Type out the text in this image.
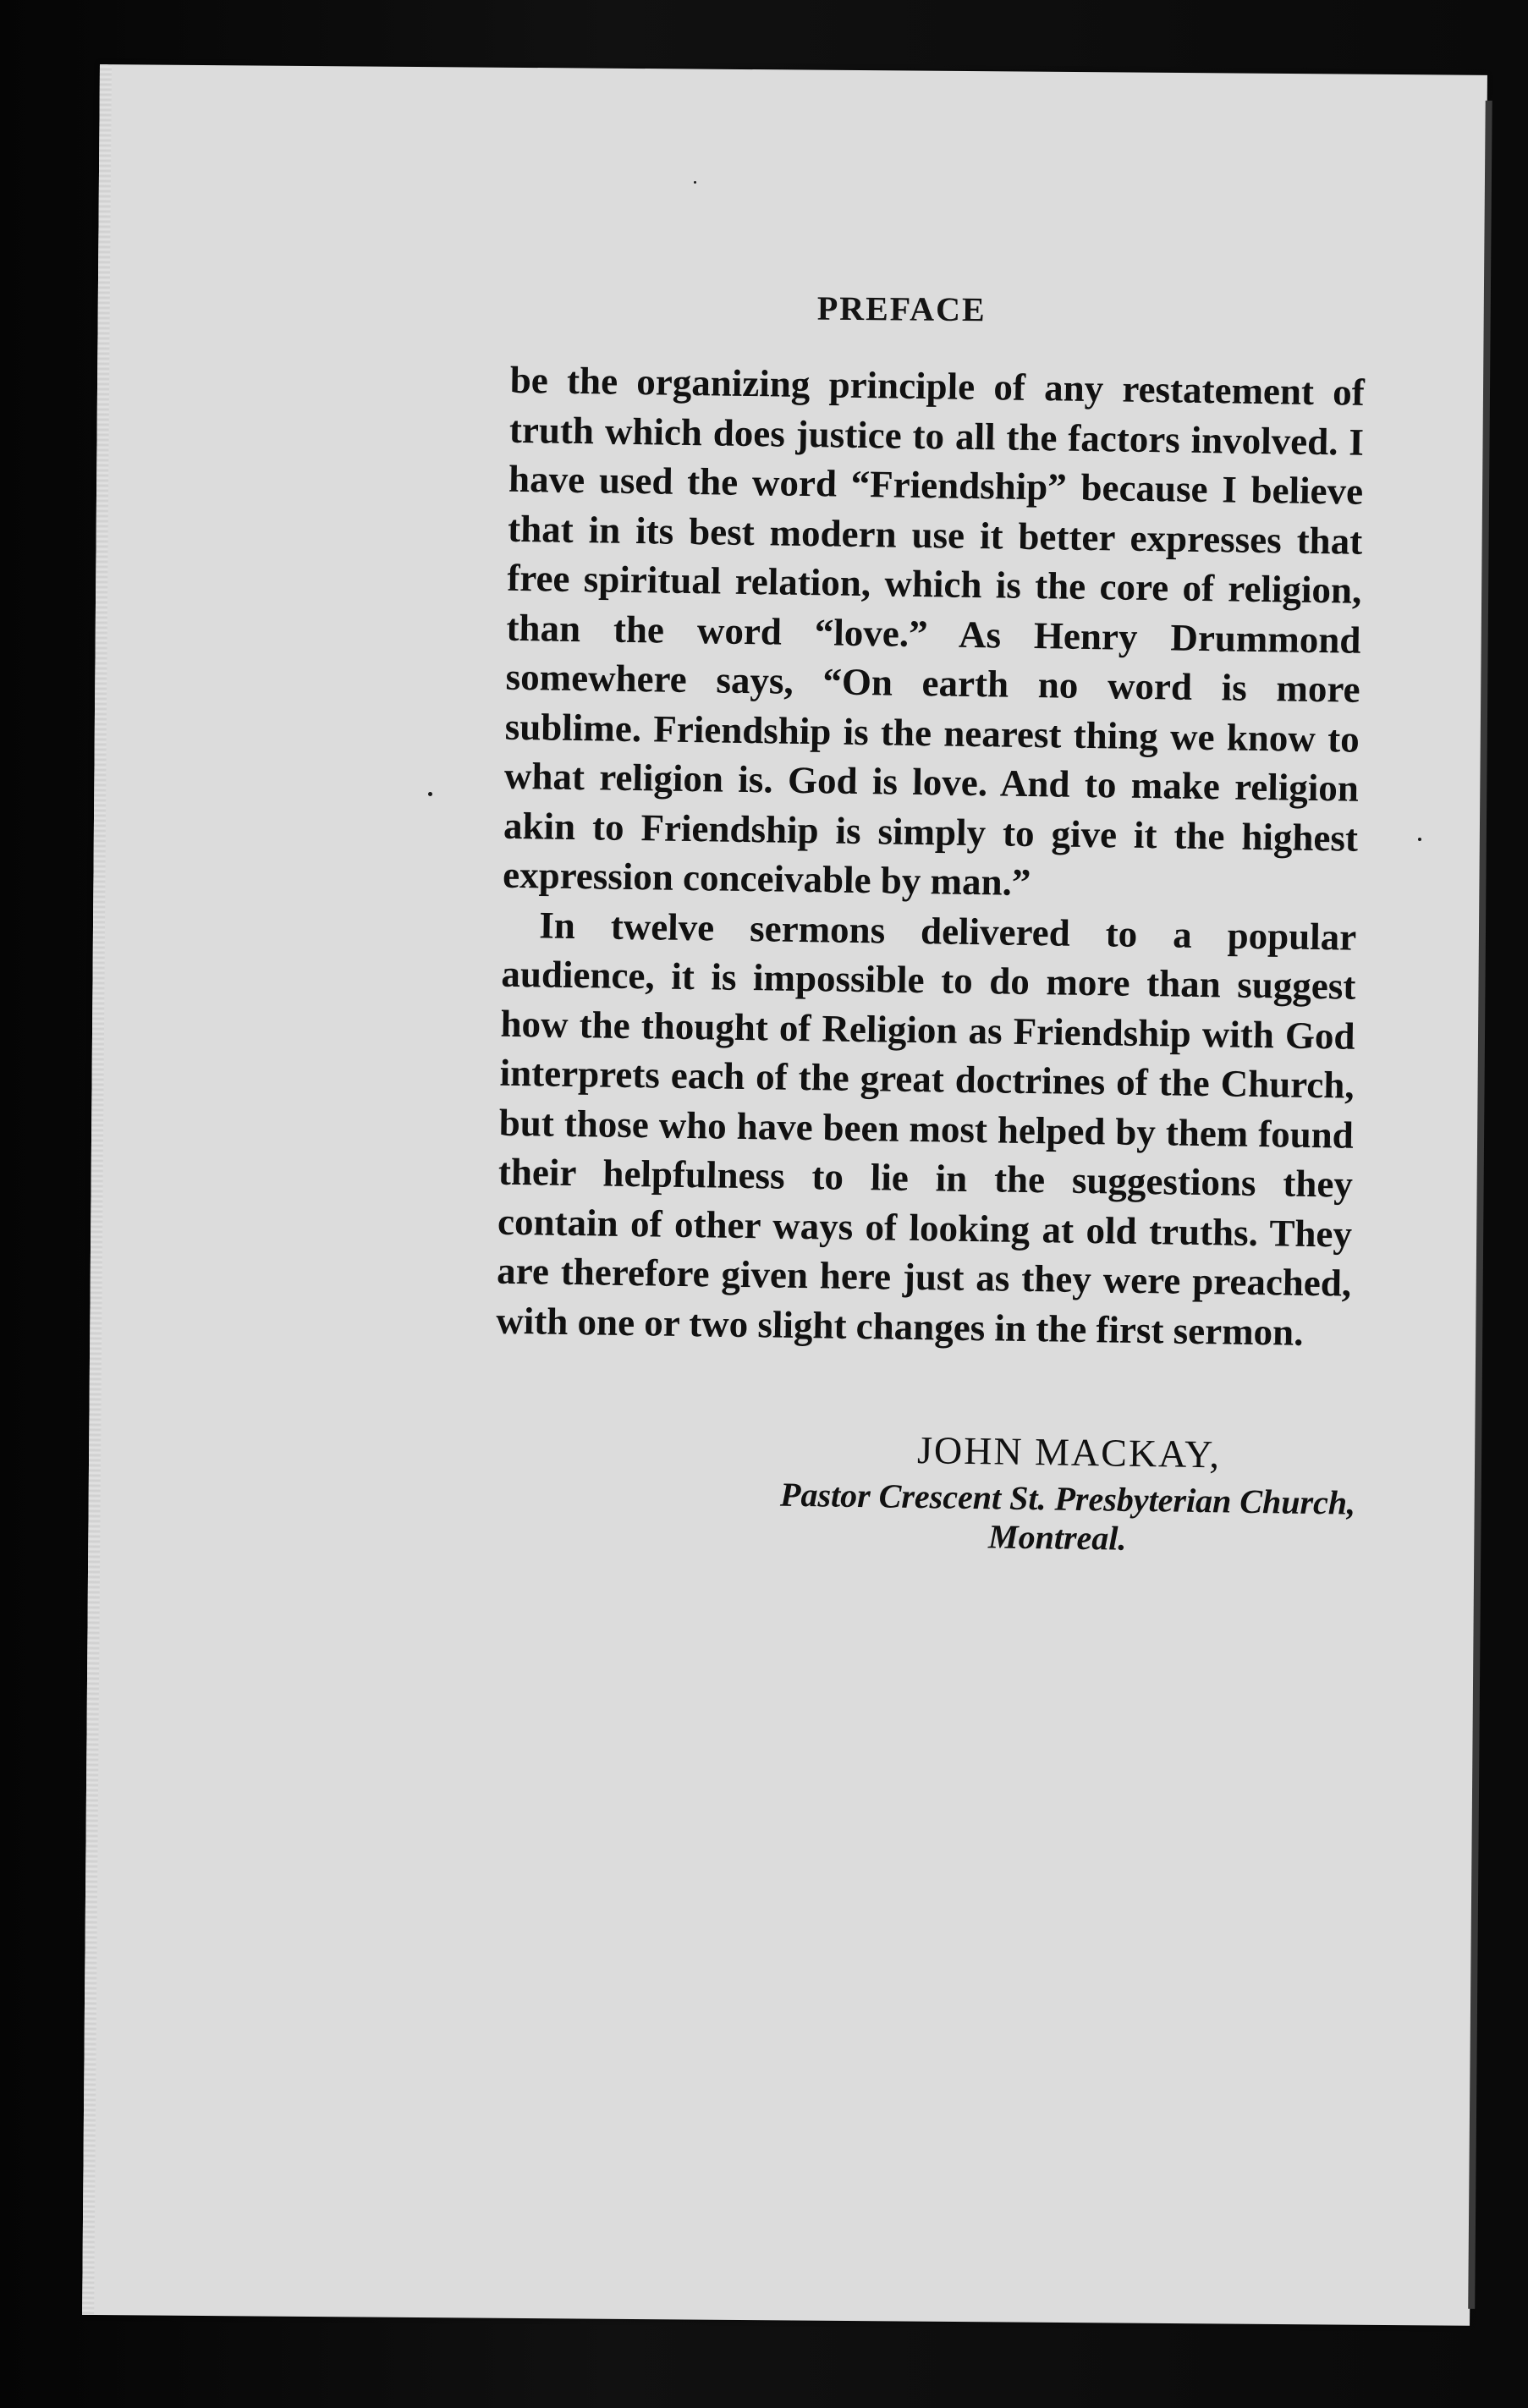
PREFACE

be the organizing principle of any restatement of truth which does justice to all the factors involved. I have used the word “Friendship” because I believe that in its best modern use it better expresses that free spiritual relation, which is the core of religion, than the word “love.” As Henry Drummond somewhere says, “On earth no word is more sublime. Friendship is the nearest thing we know to what religion is. God is love. And to make religion akin to Friendship is simply to give it the highest expression conceivable by man.”

In twelve sermons delivered to a popular audience, it is impossible to do more than suggest how the thought of Religion as Friendship with God interprets each of the great doctrines of the Church, but those who have been most helped by them found their helpfulness to lie in the suggestions they contain of other ways of looking at old truths. They are therefore given here just as they were preached, with one or two slight changes in the first sermon.

JOHN MACKAY,
Pastor Crescent St. Presbyterian Church,
Montreal.
